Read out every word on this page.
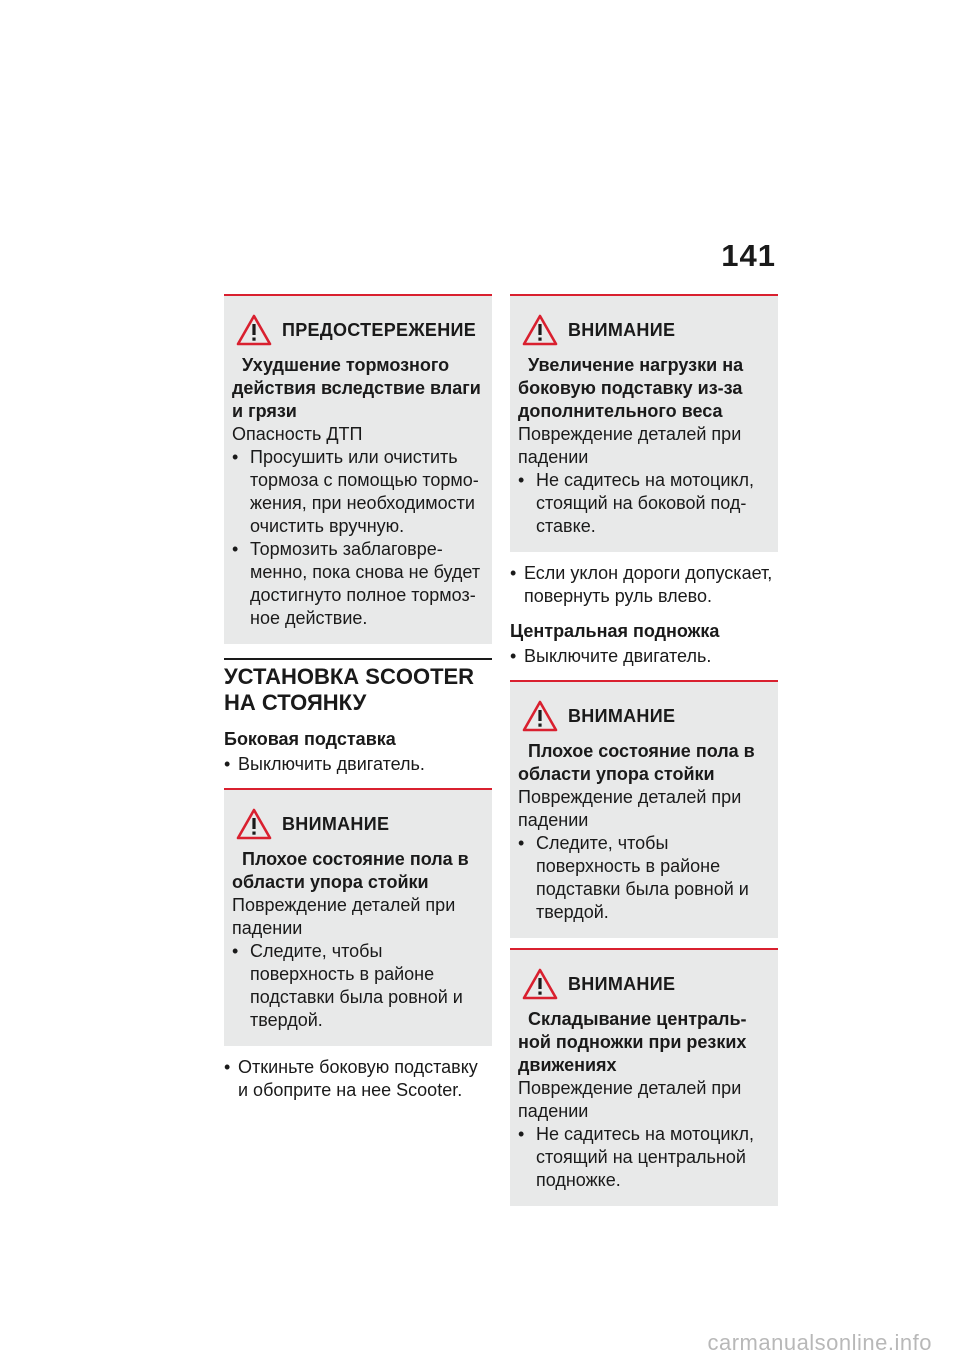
141
ПРЕДОСТЕРЕЖЕНИЕ
Ухудшение тормозного действия вследствие влаги и грязи
Опасность ДТП
• Просушить или очистить тормоза с помощью торможения, при необходимости очистить вручную.
• Тормозить заблаговременно, пока снова не будет достигнуто полное тормозное действие.
УСТАНОВКА SCOOTER НА СТОЯНКУ
Боковая подставка
• Выключить двигатель.
ВНИМАНИЕ
Плохое состояние пола в области упора стойки
Повреждение деталей при падении
• Следите, чтобы поверхность в районе подставки была ровной и твердой.
• Откиньте боковую подставку и обоприте на нее Scooter.
ВНИМАНИЕ
Увеличение нагрузки на боковую подставку из-за дополнительного веса
Повреждение деталей при падении
• Не садитесь на мотоцикл, стоящий на боковой подставке.
• Если уклон дороги допускает, повернуть руль влево.
Центральная подножка
• Выключите двигатель.
ВНИМАНИЕ
Плохое состояние пола в области упора стойки
Повреждение деталей при падении
• Следите, чтобы поверхность в районе подставки была ровной и твердой.
ВНИМАНИЕ
Складывание центральной подножки при резких движениях
Повреждение деталей при падении
• Не садитесь на мотоцикл, стоящий на центральной подножке.
carmanualsonline.info
